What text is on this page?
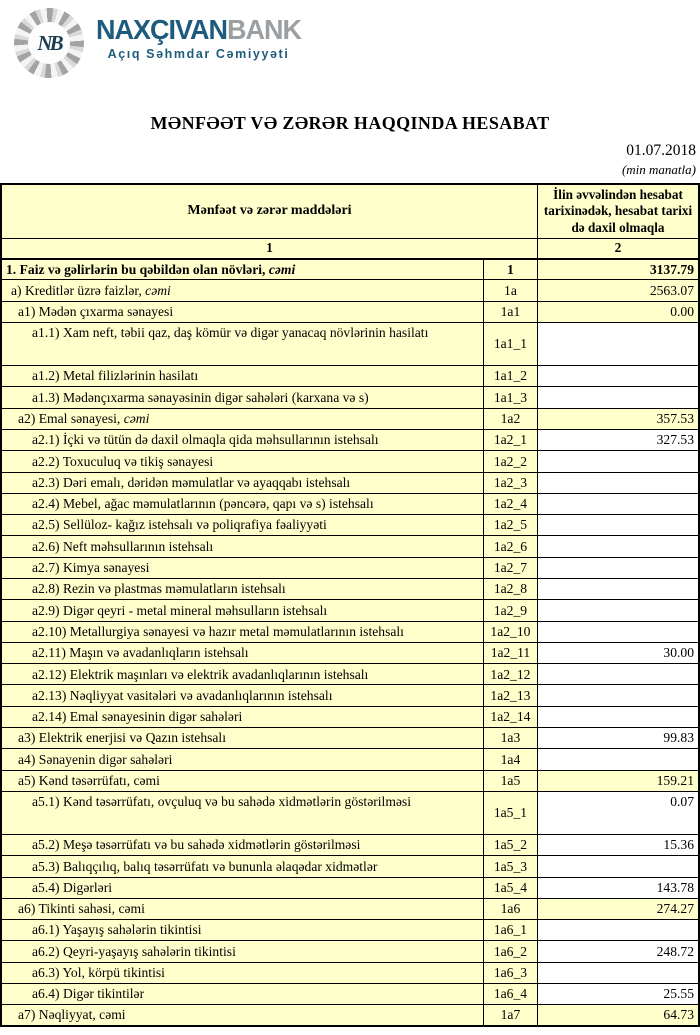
NB NAXÇIVANBANK
Açıq Səhmdar Cəmiyyəti
MƏNFƏƏT VƏ ZƏRƏR HAQQINDA HESABAT
01.07.2018
(min manatla)
Mənfəət və zərər maddələri		İlin əvvəlindən hesabat tarixinədək, hesabat tarixi də daxil olmaqla
1		2
1. Faiz və gəlirlərin bu qəbildən olan növləri, cəmi	1	3137.79
a) Kreditlər üzrə faizlər, cəmi	1a	2563.07
a1) Mədən çıxarma sənayesi	1a1	0.00
a1.1) Xam neft, təbii qaz, daş kömür və digər yanacaq növlərinin hasilatı	1a1_1	
a1.2) Metal filizlərinin hasilatı	1a1_2	
a1.3) Mədənçıxarma sənayəsinin digər sahələri (karxana və s)	1a1_3	
a2) Emal sənayesi, cəmi	1a2	357.53
a2.1) İçki və tütün də daxil olmaqla qida məhsullarının istehsalı	1a2_1	327.53
a2.2) Toxuculuq və tikiş sənayesi	1a2_2	
a2.3) Dəri emalı, dəridən məmulatlar və ayaqqabı istehsalı	1a2_3	
a2.4) Mebel, ağac məmulatlarının (pəncərə, qapı və s) istehsalı	1a2_4	
a2.5) Sellüloz- kağız istehsalı və poliqrafiya fəaliyyəti	1a2_5	
a2.6) Neft məhsullarının istehsalı	1a2_6	
a2.7) Kimya sənayesi	1a2_7	
a2.8) Rezin və plastmas məmulatların istehsalı	1a2_8	
a2.9) Digər qeyri - metal mineral məhsulların istehsalı	1a2_9	
a2.10) Metallurgiya sənayesi və hazır metal məmulatlarının istehsalı	1a2_10	
a2.11) Maşın və avadanlıqların istehsalı	1a2_11	30.00
a2.12) Elektrik maşınları və elektrik avadanlıqlarının istehsalı	1a2_12	
a2.13) Nəqliyyat vasitələri və avadanlıqlarının istehsalı	1a2_13	
a2.14) Emal sənayesinin digər sahələri	1a2_14	
a3) Elektrik enerjisi və Qazın istehsalı	1a3	99.83
a4) Sənayenin digər sahələri	1a4	
a5) Kənd təsərrüfatı, cəmi	1a5	159.21
a5.1) Kənd təsərrüfatı, ovçuluq və bu sahədə xidmətlərin göstərilməsi	1a5_1	0.07
a5.2) Meşə təsərrüfatı və bu sahədə xidmətlərin göstərilməsi	1a5_2	15.36
a5.3) Balıqçılıq, balıq təsərrüfatı və bununla əlaqədar xidmətlər	1a5_3	
a5.4) Digərləri	1a5_4	143.78
a6) Tikinti sahəsi, cəmi	1a6	274.27
a6.1) Yaşayış sahələrin tikintisi	1a6_1	
a6.2) Qeyri-yaşayış sahələrin tikintisi	1a6_2	248.72
a6.3) Yol, körpü tikintisi	1a6_3	
a6.4) Digər tikintilər	1a6_4	25.55
a7) Nəqliyyat, cəmi	1a7	64.73
